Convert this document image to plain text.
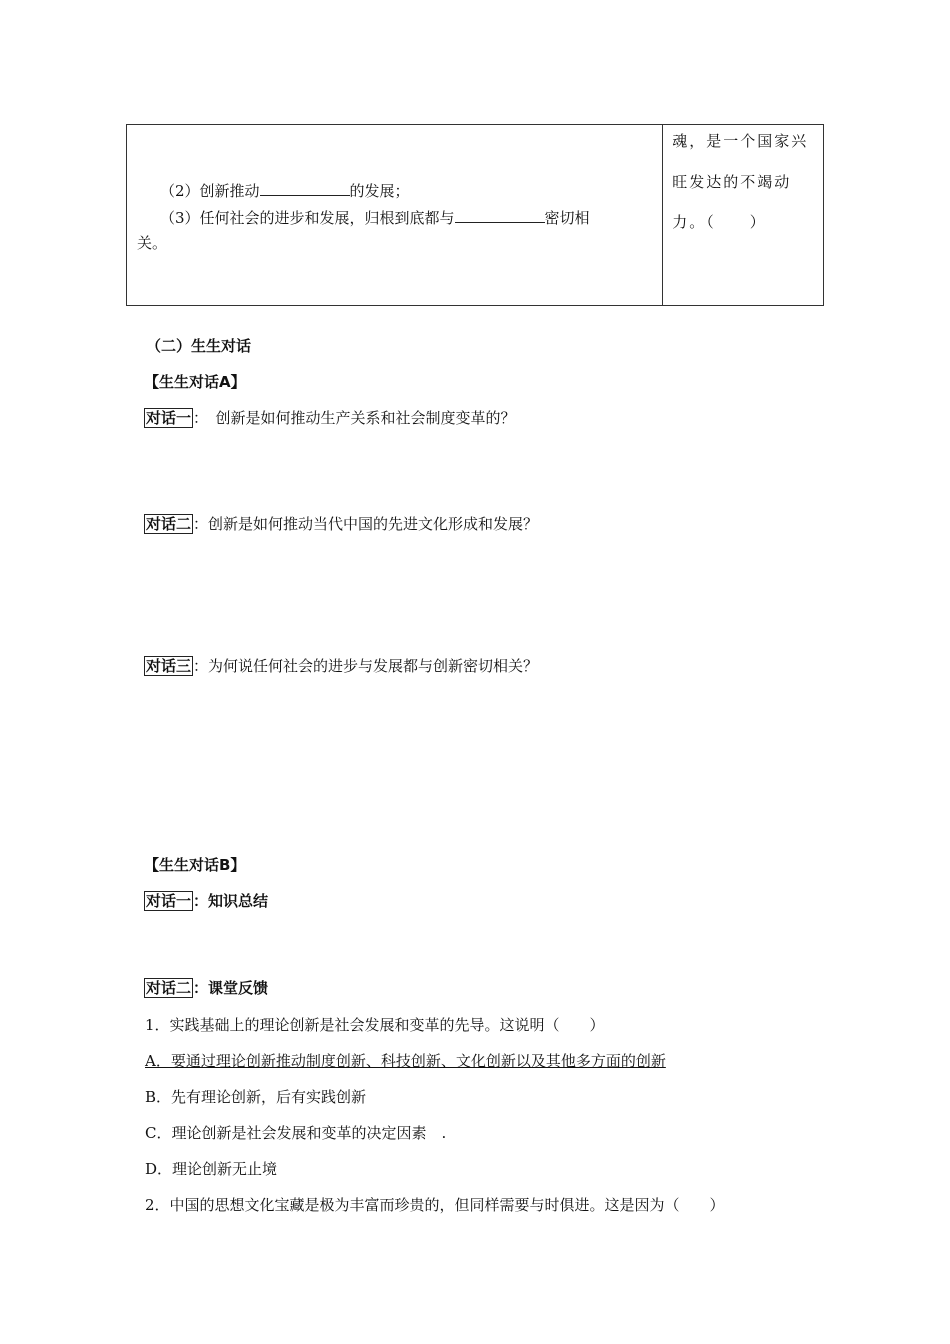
（2）创新推动	的发展；
（3）任何社会的进步和发展，归根到底都与	密切相
关。

魂，是一个国家兴
旺发达的不竭动
力。（　　）
（二）生生对话
【生生对话A】
对话一 ：　创新是如何推动生产关系和社会制度变革的？
对话二 ：创新是如何推动当代中国的先进文化形成和发展？
对话三 ：为何说任何社会的进步与发展都与创新密切相关？
【生生对话B】
对话一 ：知识总结
对话二 ：课堂反馈
1．实践基础上的理论创新是社会发展和变革的先导。这说明（　　）
A．要通过理论创新推动制度创新、科技创新、文化创新以及其他多方面的创新
B．先有理论创新，后有实践创新
C．理论创新是社会发展和变革的决定因素　.
D．理论创新无止境
2．中国的思想文化宝藏是极为丰富而珍贵的，但同样需要与时俱进。这是因为（　　）
